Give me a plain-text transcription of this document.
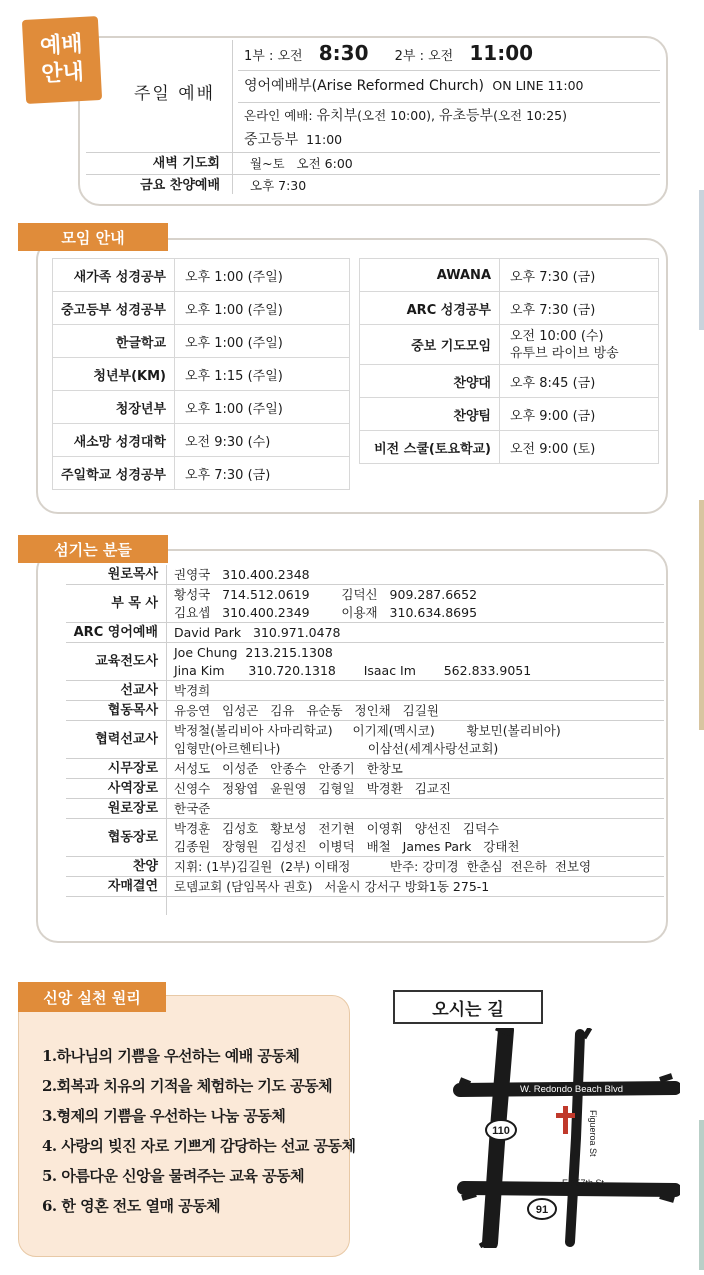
예배
안내
주일 예배
1부 : 오전 8:30 2부 : 오전 11:00
영어예배부(Arise Reformed Church) ON LINE 11:00
온라인 예배: 유치부(오전 10:00), 유초등부(오전 10:25)
중고등부 11:00
새벽 기도회 월~토   오전 6:00
금요 찬양예배 오후 7:30
모임 안내
새가족 성경공부	오후 1:00 (주일)
중고등부 성경공부	오후 1:00 (주일)
한글학교	오후 1:00 (주일)
청년부(KM)	오후 1:15 (주일)
청장년부	오후 1:00 (주일)
새소망 성경대학	오전 9:30 (수)
주일학교 성경공부	오후 7:30 (금)
AWANA	오후 7:30 (금)
ARC 성경공부	오후 7:30 (금)
중보 기도모임	오전 10:00 (수)
유투브 라이브 방송

찬양대	오후 8:45 (금)
찬양팀	오후 9:00 (금)
비전 스쿨(토요학교)	오전 9:00 (토)
섬기는 분들
원로목사 권영국   310.400.2348
부 목 사
황성국   714.512.0619        김덕신   909.287.6652
김요셉   310.400.2349        이용재   310.634.8695
ARC 영어예배 David Park   310.971.0478
교육전도사
Joe Chung  213.215.1308
Jina Kim      310.720.1318       Isaac Im       562.833.9051
선교사 박경희
협동목사 유응연   임성곤   김유   유순동   정인채   김길원
협력선교사
박정철(볼리비아 사마리학교)     이기제(멕시코)        황보민(볼리비아)
임형만(아르헨티나)                      이삼선(세계사랑선교회)
시무장로 서성도   이성준   안종수   안종기   한창모
사역장로 신영수   정왕엽   윤원영   김형일   박경환   김교진
원로장로 한국준
협동장로
박경훈   김성호   황보성   전기현   이영휘   양선진   김덕수
김종원   장형원   김성진   이병덕   배철   James Park   강태천
찬양 지휘: (1부)김길원  (2부) 이태정          반주: 강미경  한춘심  전은하  전보영
자매결연 로뎀교회 (담임목사 권호)   서울시 강서구 방화1동 275-1
신앙 실천 원리
1.하나님의 기쁨을 우선하는 예배 공동체
2.회복과 치유의 기적을 체험하는 기도 공동체
3.형제의 기쁨을 우선하는 나눔 공동체
4. 사랑의 빚진 자로 기쁘게 감당하는 선교 공동체
5. 아름다운 신앙을 물려주는 교육 공동체
6. 한 영혼 전도 열매 공동체
오시는 길
W. Redondo Beach Blvd
Figueroa St
E 157th St
110
91
